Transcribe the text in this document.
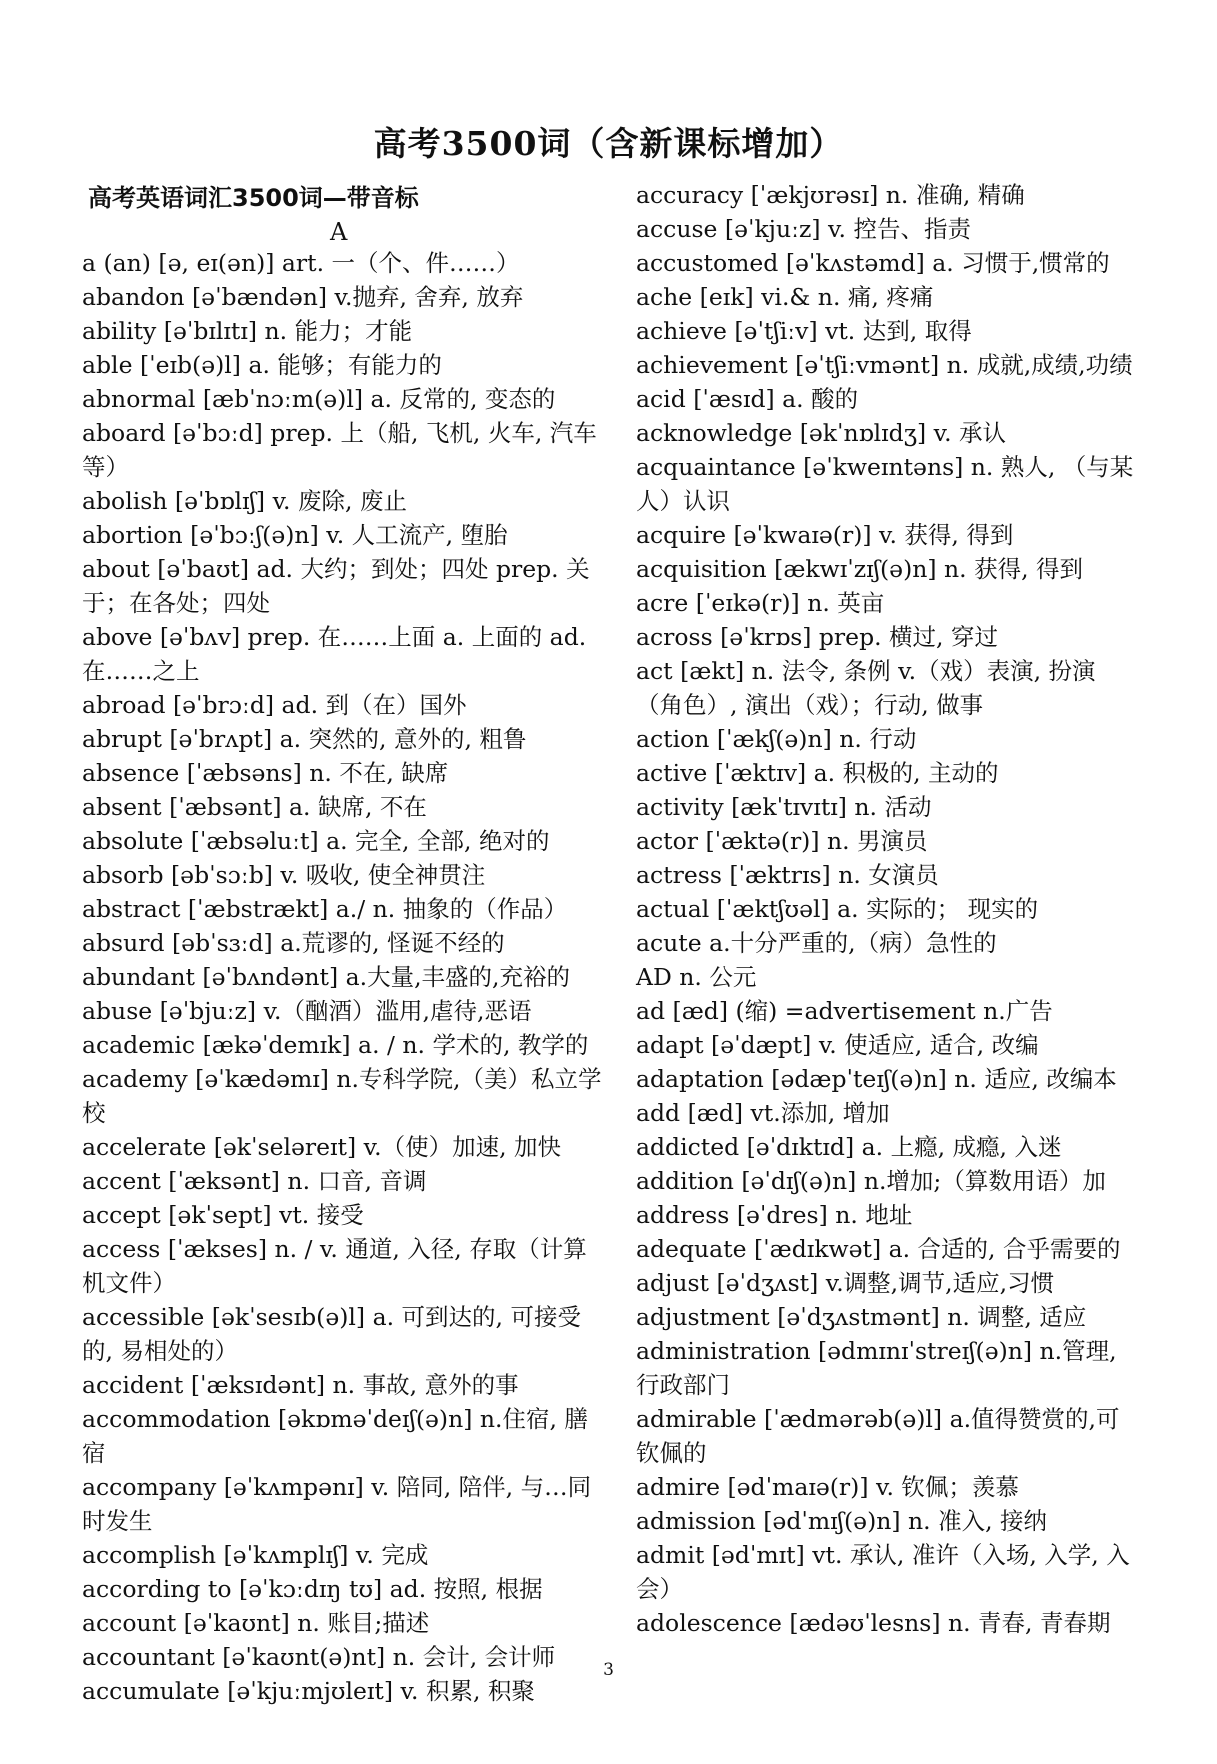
高考3500词（含新课标增加）
高考英语词汇3500词—带音标
A

a (an) [ə, eɪ(ən)] art. 一（个、件……）

abandon [əˈbændən] v.抛弃, 舍弃, 放弃

ability [əˈbɪlɪtɪ] n. 能力；才能

able [ˈeɪb(ə)l] a. 能够；有能力的

abnormal [æbˈnɔːm(ə)l] a. 反常的, 变态的

aboard [əˈbɔːd] prep. 上（船, 飞机, 火车, 汽车等）

abolish [əˈbɒlɪʃ] v. 废除, 废止

abortion [əˈbɔːʃ(ə)n] v. 人工流产, 堕胎

about [əˈbaʊt] ad. 大约；到处；四处 prep. 关于；在各处；四处

above [əˈbʌv] prep. 在……上面 a. 上面的 ad. 在……之上

abroad [əˈbrɔːd] ad. 到（在）国外

abrupt [əˈbrʌpt] a. 突然的, 意外的, 粗鲁

absence [ˈæbsəns] n. 不在, 缺席

absent [ˈæbsənt] a. 缺席, 不在

absolute [ˈæbsəluːt] a. 完全, 全部, 绝对的

absorb [əbˈsɔːb] v. 吸收, 使全神贯注

abstract [ˈæbstrækt] a./ n. 抽象的（作品）

absurd [əbˈsɜːd] a.荒谬的, 怪诞不经的

abundant [əˈbʌndənt] a.大量,丰盛的,充裕的

abuse [əˈbjuːz] v.（酗酒）滥用,虐待,恶语

academic [ækəˈdemɪk] a. / n. 学术的, 教学的

academy [əˈkædəmɪ] n.专科学院,（美）私立学校

accelerate [əkˈseləreɪt] v.（使）加速, 加快

accent [ˈæksənt] n. 口音, 音调

accept [əkˈsept] vt. 接受

access [ˈækses] n. / v. 通道, 入径, 存取（计算机文件）

accessible [əkˈsesɪb(ə)l] a. 可到达的, 可接受的, 易相处的）

accident [ˈæksɪdənt] n. 事故, 意外的事

accommodation [əkɒməˈdeɪʃ(ə)n] n.住宿, 膳宿

accompany [əˈkʌmpənɪ] v. 陪同, 陪伴, 与…同时发生

accomplish [əˈkʌmplɪʃ] v. 完成

according to [əˈkɔːdɪŋ tʊ] ad. 按照, 根据

account [əˈkaʊnt] n. 账目;描述

accountant [əˈkaʊnt(ə)nt] n. 会计, 会计师

accumulate [əˈkjuːmjʊleɪt] v. 积累, 积聚

accuracy [ˈækjʊrəsɪ] n. 准确, 精确

accuse [əˈkjuːz] v. 控告、指责

accustomed [əˈkʌstəmd] a. 习惯于,惯常的

ache [eɪk] vi.& n. 痛, 疼痛

achieve [əˈtʃiːv] vt. 达到, 取得

achievement [əˈtʃiːvmənt] n. 成就,成绩,功绩

acid [ˈæsɪd] a. 酸的

acknowledge [əkˈnɒlɪdʒ] v. 承认

acquaintance [əˈkweɪntəns] n. 熟人, （与某人）认识

acquire [əˈkwaɪə(r)] v. 获得, 得到

acquisition [ækwɪˈzɪʃ(ə)n] n. 获得, 得到

acre [ˈeɪkə(r)] n. 英亩

across [əˈkrɒs] prep. 横过, 穿过

act [ækt] n. 法令, 条例 v.（戏）表演, 扮演（角色）, 演出（戏）；行动, 做事

action [ˈækʃ(ə)n] n. 行动

active [ˈæktɪv] a. 积极的, 主动的

activity [ækˈtɪvɪtɪ] n. 活动

actor [ˈæktə(r)] n. 男演员

actress [ˈæktrɪs] n. 女演员

actual [ˈæktʃʊəl] a. 实际的； 现实的

acute a.十分严重的,（病）急性的

AD n. 公元

ad [æd] (缩) =advertisement n.广告

adapt [əˈdæpt] v. 使适应, 适合, 改编

adaptation [ədæpˈteɪʃ(ə)n] n. 适应, 改编本

add [æd] vt.添加, 增加

addicted [əˈdɪktɪd] a. 上瘾, 成瘾, 入迷

addition [əˈdɪʃ(ə)n] n.增加;（算数用语）加

address [əˈdres] n. 地址

adequate [ˈædɪkwət] a. 合适的, 合乎需要的

adjust [əˈdʒʌst] v.调整,调节,适应,习惯

adjustment [əˈdʒʌstmənt] n. 调整, 适应

administration [ədmɪnɪˈstreɪʃ(ə)n] n.管理,行政部门

admirable [ˈædmərəb(ə)l] a.值得赞赏的,可钦佩的

admire [ədˈmaɪə(r)] v. 钦佩；羡慕

admission [ədˈmɪʃ(ə)n] n. 准入, 接纳

admit [ədˈmɪt] vt. 承认, 准许（入场, 入学, 入会）

adolescence [ædəʊˈlesns] n. 青春, 青春期

3
